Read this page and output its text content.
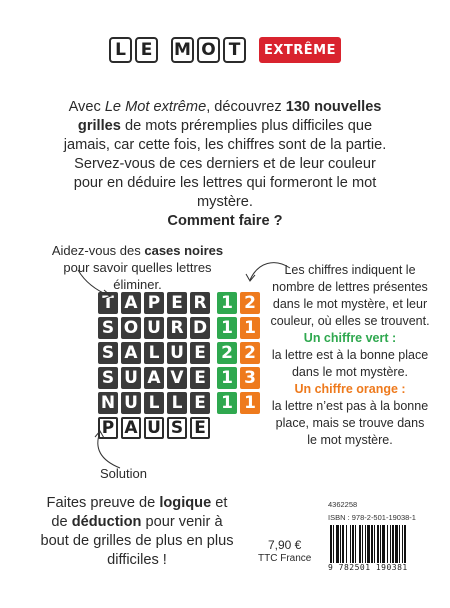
L E	M O T	EXTRÊME
Avec Le Mot extrême, découvrez 130 nouvelles grilles de mots préremplies plus difficiles que jamais, car cette fois, les chiffres sont de la partie. Servez-vous de ces derniers et de leur couleur pour en déduire les lettres qui formeront le mot mystère.
Comment faire ?
Aidez-vous des cases noires pour savoir quelles lettres éliminer.
Les chiffres indiquent le nombre de lettres présentes dans le mot mystère, et leur couleur, où elles se trouvent.
Un chiffre vert :
la lettre est à la bonne place dans le mot mystère.
Un chiffre orange :
la lettre n’est pas à la bonne place, mais se trouve dans le mot mystère.
T A P E R 1 2
S O U R D 1 1
S A L U E 2 2
S U A V E 1 3
N U L L E 1 1
P A U S E
Solution
Faites preuve de logique et de déduction pour venir à bout de grilles de plus en plus difficiles !
7,90 €
TTC France
4362258
ISBN : 978-2-501-19038-1
9 782501 190381
